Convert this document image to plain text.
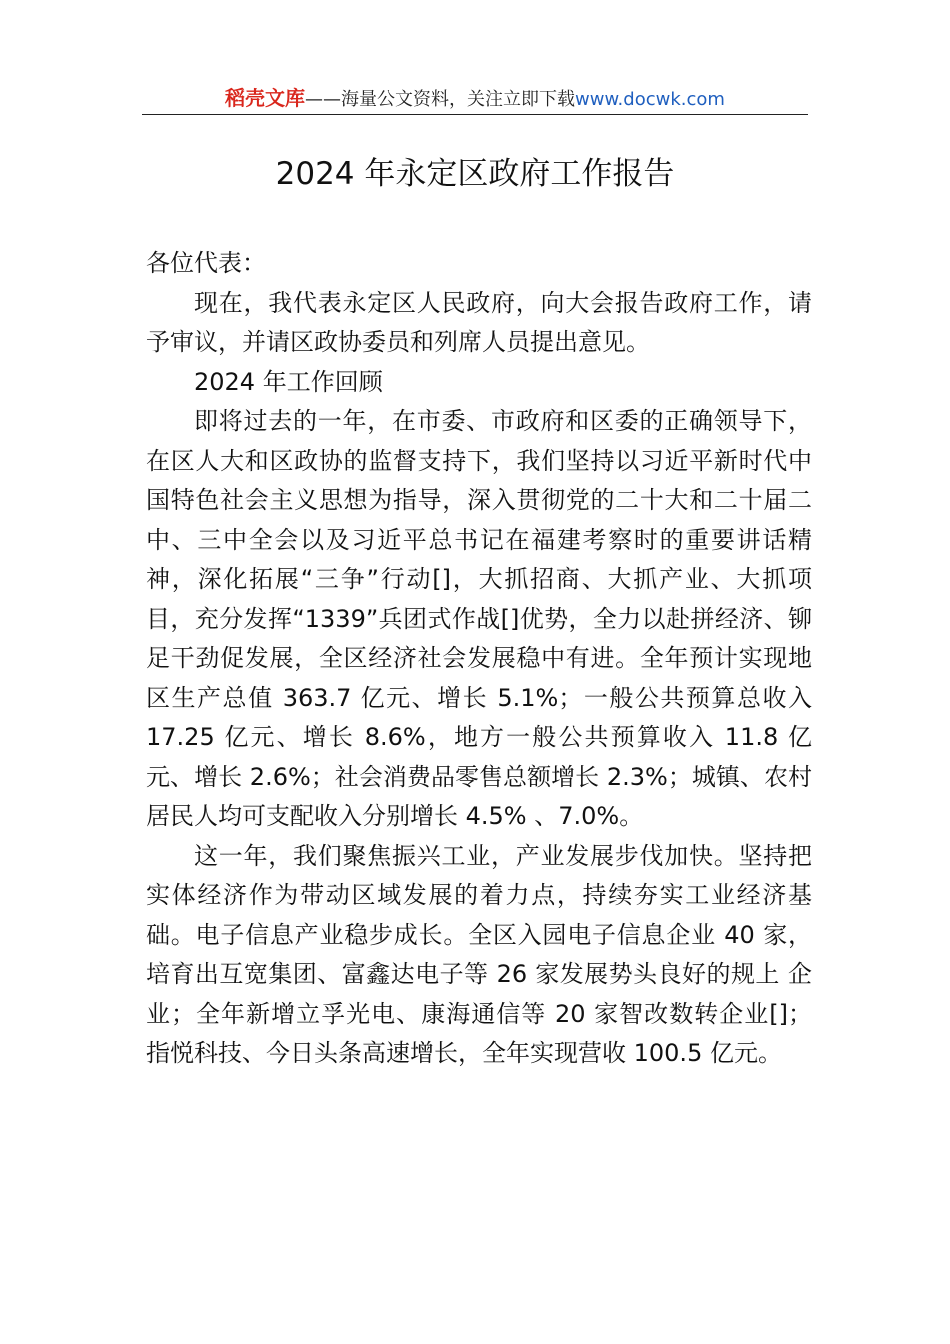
稻壳文库——海量公文资料，关注立即下载www.docwk.com
2024 年永定区政府工作报告

各位代表：

现在，我代表永定区人民政府，向大会报告政府工作，请予审议，并请区政协委员和列席人员提出意见。

2024 年工作回顾

即将过去的一年，在市委、市政府和区委的正确领导下，在区人大和区政协的监督支持下，我们坚持以习近平新时代中国特色社会主义思想为指导，深入贯彻党的二十大和二十届二中、三中全会以及习近平总书记在福建考察时的重要讲话精神，深化拓展“三争”行动[]，大抓招商、大抓产业、大抓项目，充分发挥“1339”兵团式作战[]优势，全力以赴拼经济、铆足干劲促发展，全区经济社会发展稳中有进。全年预计实现地区生产总值 363.7 亿元、增长 5.1%；一般公共预算总收入 17.25 亿元、增长 8.6%，地方一般公共预算收入 11.8 亿元、增长 2.6%；社会消费品零售总额增长 2.3%；城镇、农村居民人均可支配收入分别增长 4.5% 、7.0%。

这一年，我们聚焦振兴工业，产业发展步伐加快。坚持把实体经济作为带动区域发展的着力点，持续夯实工业经济基础。电子信息产业稳步成长。全区入园电子信息企业 40 家， 培育出互宽集团、富鑫达电子等 26 家发展势头良好的规上 企业；全年新增立孚光电、康海通信等 20 家智改数转企业[]； 指悦科技、今日头条高速增长，全年实现营收 100.5 亿元。
